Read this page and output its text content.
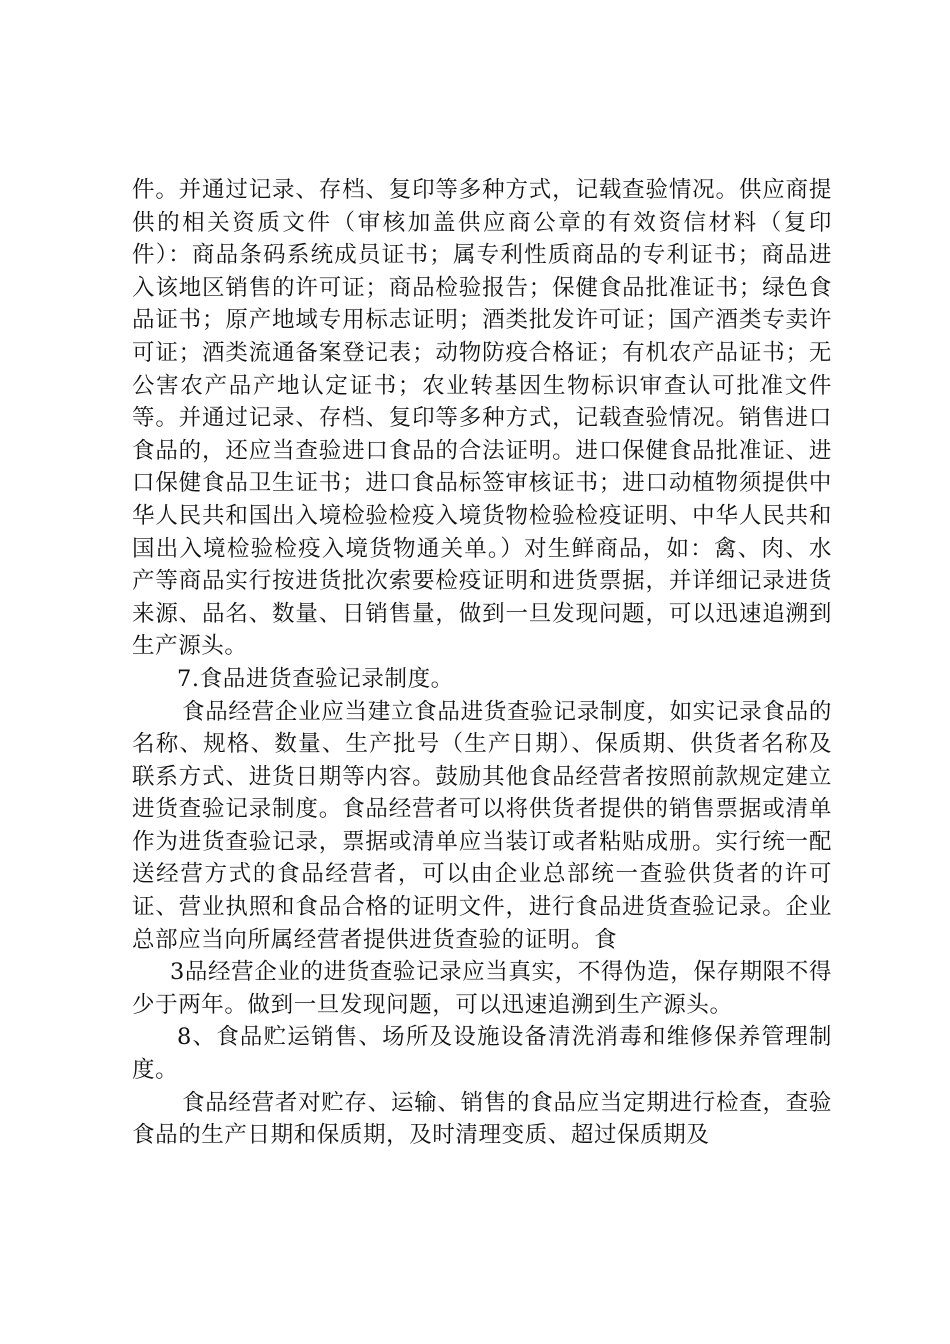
件。并通过记录、存档、复印等多种方式，记载查验情况。供应商提供的相关资质文件（审核加盖供应商公章的有效资信材料（复印件）：商品条码系统成员证书；属专利性质商品的专利证书；商品进入该地区销售的许可证；商品检验报告；保健食品批准证书；绿色食品证书；原产地域专用标志证明；酒类批发许可证；国产酒类专卖许可证；酒类流通备案登记表；动物防疫合格证；有机农产品证书；无公害农产品产地认定证书；农业转基因生物标识审查认可批准文件等。并通过记录、存档、复印等多种方式，记载查验情况。销售进口食品的，还应当查验进口食品的合法证明。进口保健食品批准证、进口保健食品卫生证书；进口食品标签审核证书；进口动植物须提供中华人民共和国出入境检验检疫入境货物检验检疫证明、中华人民共和国出入境检验检疫入境货物通关单。）对生鲜商品，如：禽、肉、水产等商品实行按进货批次索要检疫证明和进货票据，并详细记录进货来源、品名、数量、日销售量，做到一旦发现问题，可以迅速追溯到生产源头。

7.食品进货查验记录制度。

食品经营企业应当建立食品进货查验记录制度，如实记录食品的名称、规格、数量、生产批号（生产日期）、保质期、供货者名称及联系方式、进货日期等内容。鼓励其他食品经营者按照前款规定建立进货查验记录制度。食品经营者可以将供货者提供的销售票据或清单作为进货查验记录，票据或清单应当装订或者粘贴成册。实行统一配送经营方式的食品经营者，可以由企业总部统一查验供货者的许可证、营业执照和食品合格的证明文件，进行食品进货查验记录。企业总部应当向所属经营者提供进货查验的证明。食

3品经营企业的进货查验记录应当真实，不得伪造，保存期限不得少于两年。做到一旦发现问题，可以迅速追溯到生产源头。

8、食品贮运销售、场所及设施设备清洗消毒和维修保养管理制度。

食品经营者对贮存、运输、销售的食品应当定期进行检查，查验食品的生产日期和保质期，及时清理变质、超过保质期及
